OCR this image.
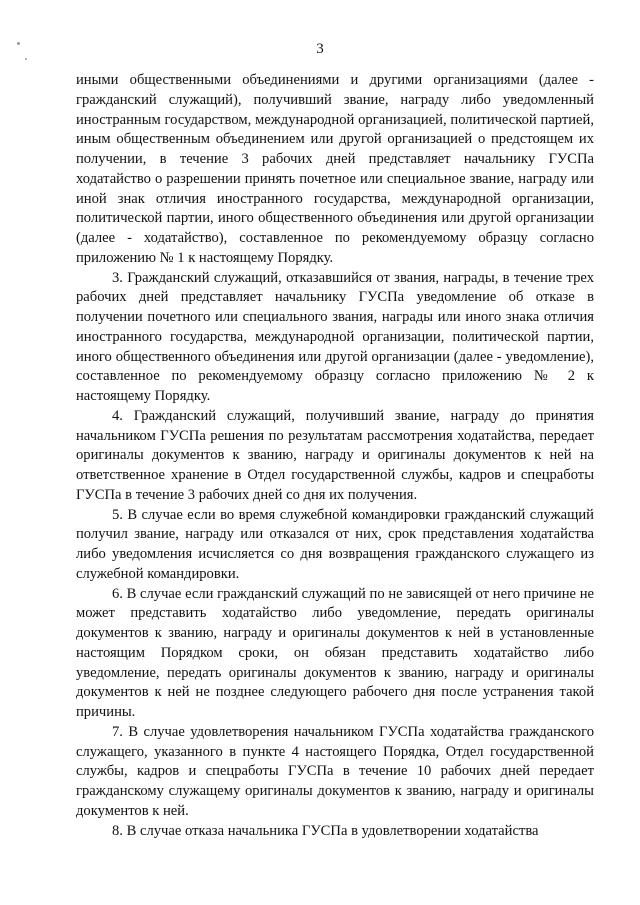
3

иными общественными объединениями и другими организациями (далее - гражданский служащий), получивший звание, награду либо уведомленный иностранным государством, международной организацией, политической партией, иным общественным объединением или другой организацией о предстоящем их получении, в течение 3 рабочих дней представляет начальнику ГУСПа ходатайство о разрешении принять почетное или специальное звание, награду или иной знак отличия иностранного государства, международной организации, политической партии, иного общественного объединения или другой организации (далее - ходатайство), составленное по рекомендуемому образцу согласно приложению № 1 к настоящему Порядку.

3. Гражданский служащий, отказавшийся от звания, награды, в течение трех рабочих дней представляет начальнику ГУСПа уведомление об отказе в получении почетного или специального звания, награды или иного знака отличия иностранного государства, международной организации, политической партии, иного общественного объединения или другой организации (далее - уведомление), составленное по рекомендуемому образцу согласно приложению № 2 к настоящему Порядку.

4. Гражданский служащий, получивший звание, награду до принятия начальником ГУСПа решения по результатам рассмотрения ходатайства, передает оригиналы документов к званию, награду и оригиналы документов к ней на ответственное хранение в Отдел государственной службы, кадров и спецработы ГУСПа в течение 3 рабочих дней со дня их получения.

5. В случае если во время служебной командировки гражданский служащий получил звание, награду или отказался от них, срок представления ходатайства либо уведомления исчисляется со дня возвращения гражданского служащего из служебной командировки.

6. В случае если гражданский служащий по не зависящей от него причине не может представить ходатайство либо уведомление, передать оригиналы документов к званию, награду и оригиналы документов к ней в установленные настоящим Порядком сроки, он обязан представить ходатайство либо уведомление, передать оригиналы документов к званию, награду и оригиналы документов к ней не позднее следующего рабочего дня после устранения такой причины.

7. В случае удовлетворения начальником ГУСПа ходатайства гражданского служащего, указанного в пункте 4 настоящего Порядка, Отдел государственной службы, кадров и спецработы ГУСПа в течение 10 рабочих дней передает гражданскому служащему оригиналы документов к званию, награду и оригиналы документов к ней.

8. В случае отказа начальника ГУСПа в удовлетворении ходатайства
